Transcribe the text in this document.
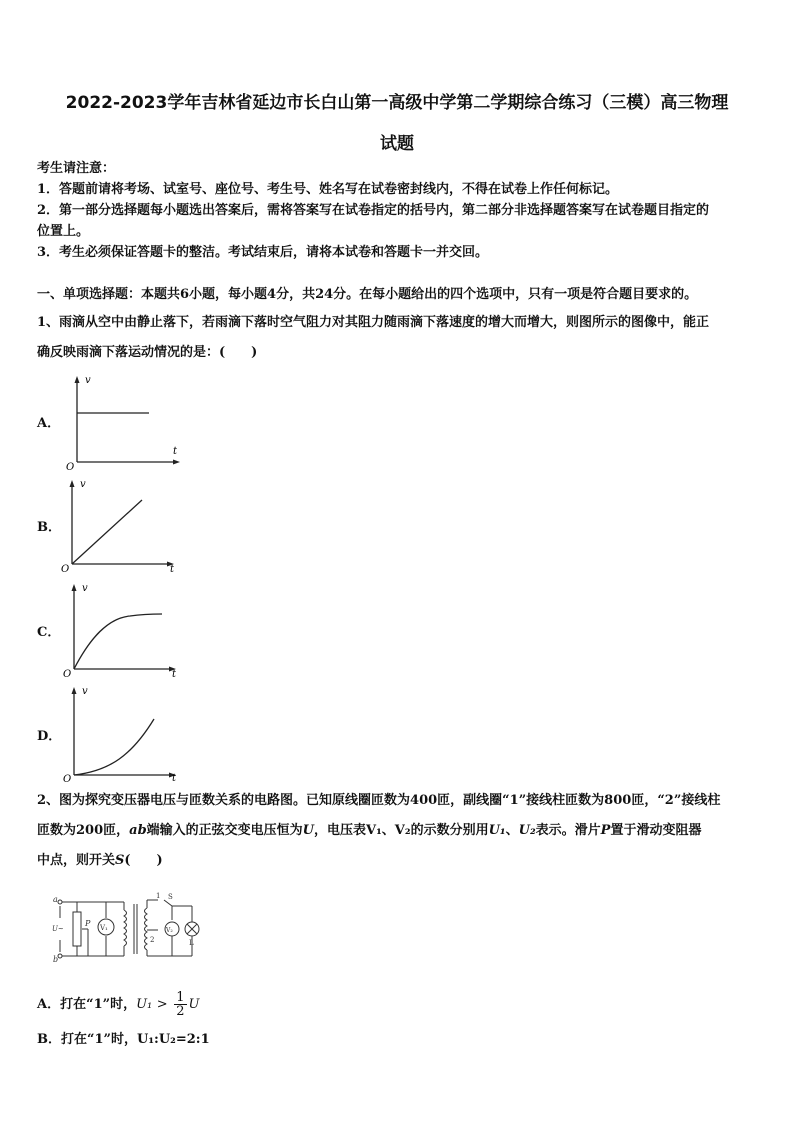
2022-2023学年吉林省延边市长白山第一高级中学第二学期综合练习（三模）高三物理
试题
考生请注意：
1．答题前请将考场、试室号、座位号、考生号、姓名写在试卷密封线内，不得在试卷上作任何标记。
2．第一部分选择题每小题选出答案后，需将答案写在试卷指定的括号内，第二部分非选择题答案写在试卷题目指定的
位置上。
3．考生必须保证答题卡的整洁。考试结束后，请将本试卷和答题卡一并交回。
一、单项选择题：本题共6小题，每小题4分，共24分。在每小题给出的四个选项中，只有一项是符合题目要求的。
1、雨滴从空中由静止落下，若雨滴下落时空气阻力对其阻力随雨滴下落速度的增大而增大，则图所示的图像中，能正
确反映雨滴下落运动情况的是：(　　)
A．
v
t
O
B．
v
t
O
C．
v
t
O
D．
v
t
O
2、图为探究变压器电压与匝数关系的电路图。已知原线圈匝数为400匝，副线圈“1”接线柱匝数为800匝，“2”接线柱
匝数为200匝，ab端输入的正弦交变电压恒为U，电压表V₁、V₂的示数分别用U₁、U₂表示。滑片P置于滑动变阻器
中点，则开关S(　　)
a
b
U~
P V₁
1
2
S
V₂
L
A．打在“1”时，$U_1 > \frac{1}{2}$ U
B．打在“1”时，U₁:U₂=2:1
